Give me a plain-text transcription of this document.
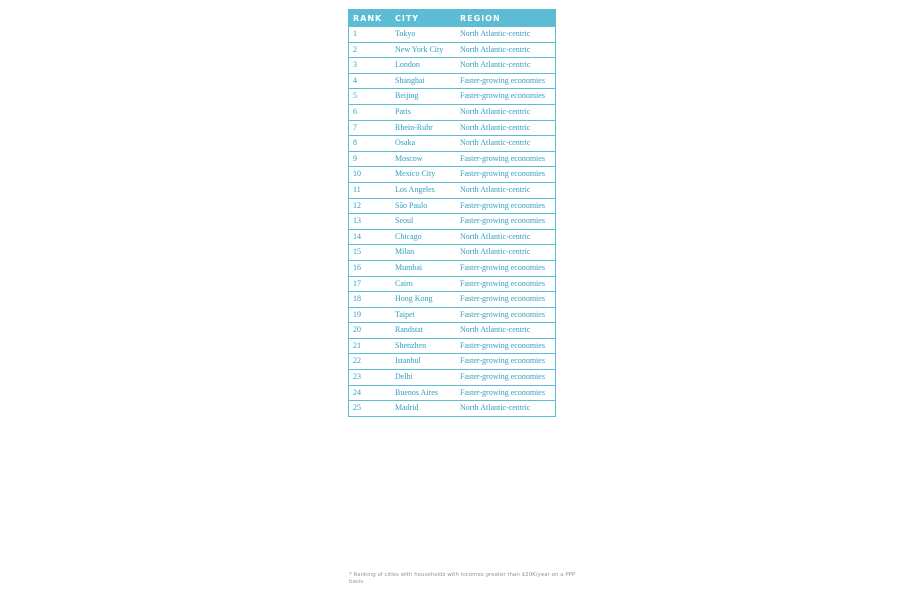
RANK	CITY	REGION
1	Tokyo	North Atlantic-centric
2	New York City	North Atlantic-centric
3	London	North Atlantic-centric
4	Shanghai	Faster-growing economies
5	Beijing	Faster-growing economies
6	Paris	North Atlantic-centric
7	Rhein-Ruhr	North Atlantic-centric
8	Osaka	North Atlantic-centric
9	Moscow	Faster-growing economies
10	Mexico City	Faster-growing economies
11	Los Angeles	North Atlantic-centric
12	São Paulo	Faster-growing economies
13	Seoul	Faster-growing economies
14	Chicago	North Atlantic-centric
15	Milan	North Atlantic-centric
16	Mumbai	Faster-growing economies
17	Cairo	Faster-growing economies
18	Hong Kong	Faster-growing economies
19	Taipei	Faster-growing economies
20	Randstat	North Atlantic-centric
21	Shenzhen	Faster-growing economies
22	Istanbul	Faster-growing economies
23	Delhi	Faster-growing economies
24	Buenos Aires	Faster-growing economies
25	Madrid	North Atlantic-centric
* Ranking of cities with households with incomes greater than $20K/year on a PPP basis.
